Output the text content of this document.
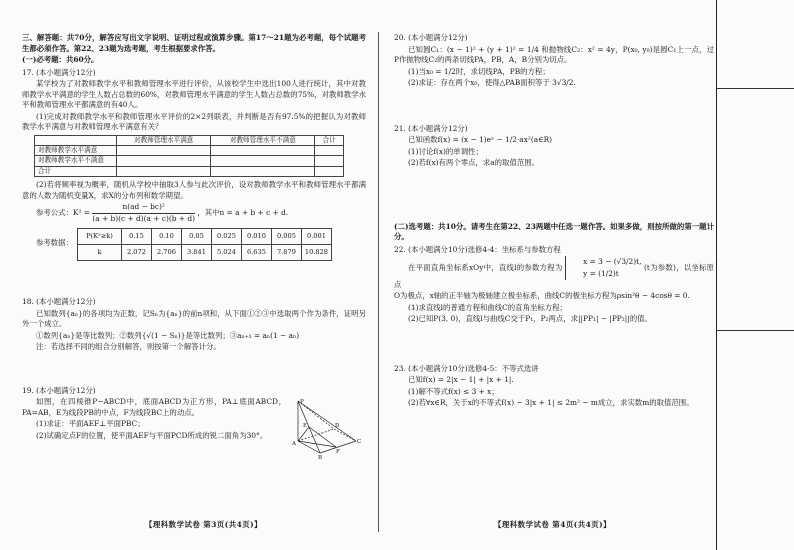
三、解答题：共70分，解答应写出文字说明、证明过程或演算步骤。第17～21题为必考题，每个试题考生都必须作答。第22、23题为选考题，考生根据要求作答。

(一)必考题：共60分。

17. (本小题满分12分)

某学校为了对教师教学水平和教师管理水平进行评价，从该校学生中选出100人进行统计，其中对教师教学水平满意的学生人数占总数的60%，对教师管理水平满意的学生人数占总数的75%，对教师教学水平和教师管理水平都满意的有40人。

(1)完成对教师教学水平和教师管理水平评价的2×2列联表，并判断是否有97.5%的把握认为对教师教学水平满意与对教师管理水平满意有关？

	对教师管理水平满意	对教师管理水平不满意	合计
对教师教学水平满意			
对教师教学水平不满意			
合计			

(2)若将频率视为概率，随机从学校中抽取3人参与此次评价，设对教师教学水平和教师管理水平都满意的人数为随机变量X，求X的分布列和数学期望。

参考公式：$K^2 = \frac{\text{n(ad − bc)²}}{(a + b)(c + d)(a + c)(b + d)}$ ，其中n = a + b + c + d.

参考数据：
P(K²≥k)	0.15	0.10	0.05	0.025	0.010	0.005	0.001
k	2.072	2.706	3.841	5.024	6.635	7.879	10.828

18. (本小题满分12分)

已知数列{aₙ}的各项均为正数，记Sₙ为{aₙ}的前n项和，从下面①②③中选取两个作为条件，证明另外一个成立。

①数列{aₙ}是等比数列；②数列{√(1 − Sₙ)}是等比数列；③aₙ₊₁ = aₙ(1 − aₙ)

注：若选择不同的组合分别解答，则按第一个解答计分。

19. (本小题满分12分)

P
A
B
C
D
E
F

如图，在四棱锥P−ABCD中，底面ABCD为正方形，PA⊥底面ABCD，PA=AB，E为线段PB的中点，F为线段BC上的动点。

(1)求证：平面AEF⊥平面PBC；

(2)试确定点F的位置，使平面AEF与平面PCD所成的锐二面角为30°。

20. (本小题满分12分)

已知圆C₁：(x − 1)² + (y + 1)² = 1/4 和抛物线C₂：x² = 4y，P(x₀, y₀)是圆C₁上一点，过P作抛物线C₂的两条切线PA，PB，A，B分别为切点。

(1)当x₀ = 1/2时，求切线PA，PB的方程；

(2)求证：存在两个x₀，使得△PAB面积等于 3√3/2.

21. (本小题满分12分)

已知函数f(x) = (x − 1)eˣ − 1/2·ax²(a∈R)

(1)讨论f(x)的单调性；

(2)若f(x)有两个零点，求a的取值范围。

(二)选考题：共10分。请考生在第22、23两题中任选一题作答。如果多做，则按所做的第一题计分。

22. (本小题满分10分)选修4-4：坐标系与参数方程

在平面直角坐标系xOy中，直线l的参数方程为
x = 3 − (√3/2)t,
y = (1/2)t
(t为参数)，以坐标原点

O为极点，x轴的正半轴为极轴建立极坐标系，曲线C的极坐标方程为ρsin²θ − 4cosθ = 0.

(1)求直线l的普通方程和曲线C的直角坐标方程；

(2)已知P(3, 0)，直线l与曲线C交于P₁，P₂两点，求||PP₁| − |PP₂||的值。

23. (本小题满分10分)选修4-5：不等式选讲

已知f(x) = 2|x − 1| + |x + 1|.

(1)解不等式f(x) ≤ 3 + x；

(2)若∀x∈R，关于x的不等式f(x) − 3|x + 1| ≤ 2m² − m成立，求实数m的取值范围。

【理科数学试卷 第3页(共4页)】	【理科数学试卷 第4页(共4页)】
